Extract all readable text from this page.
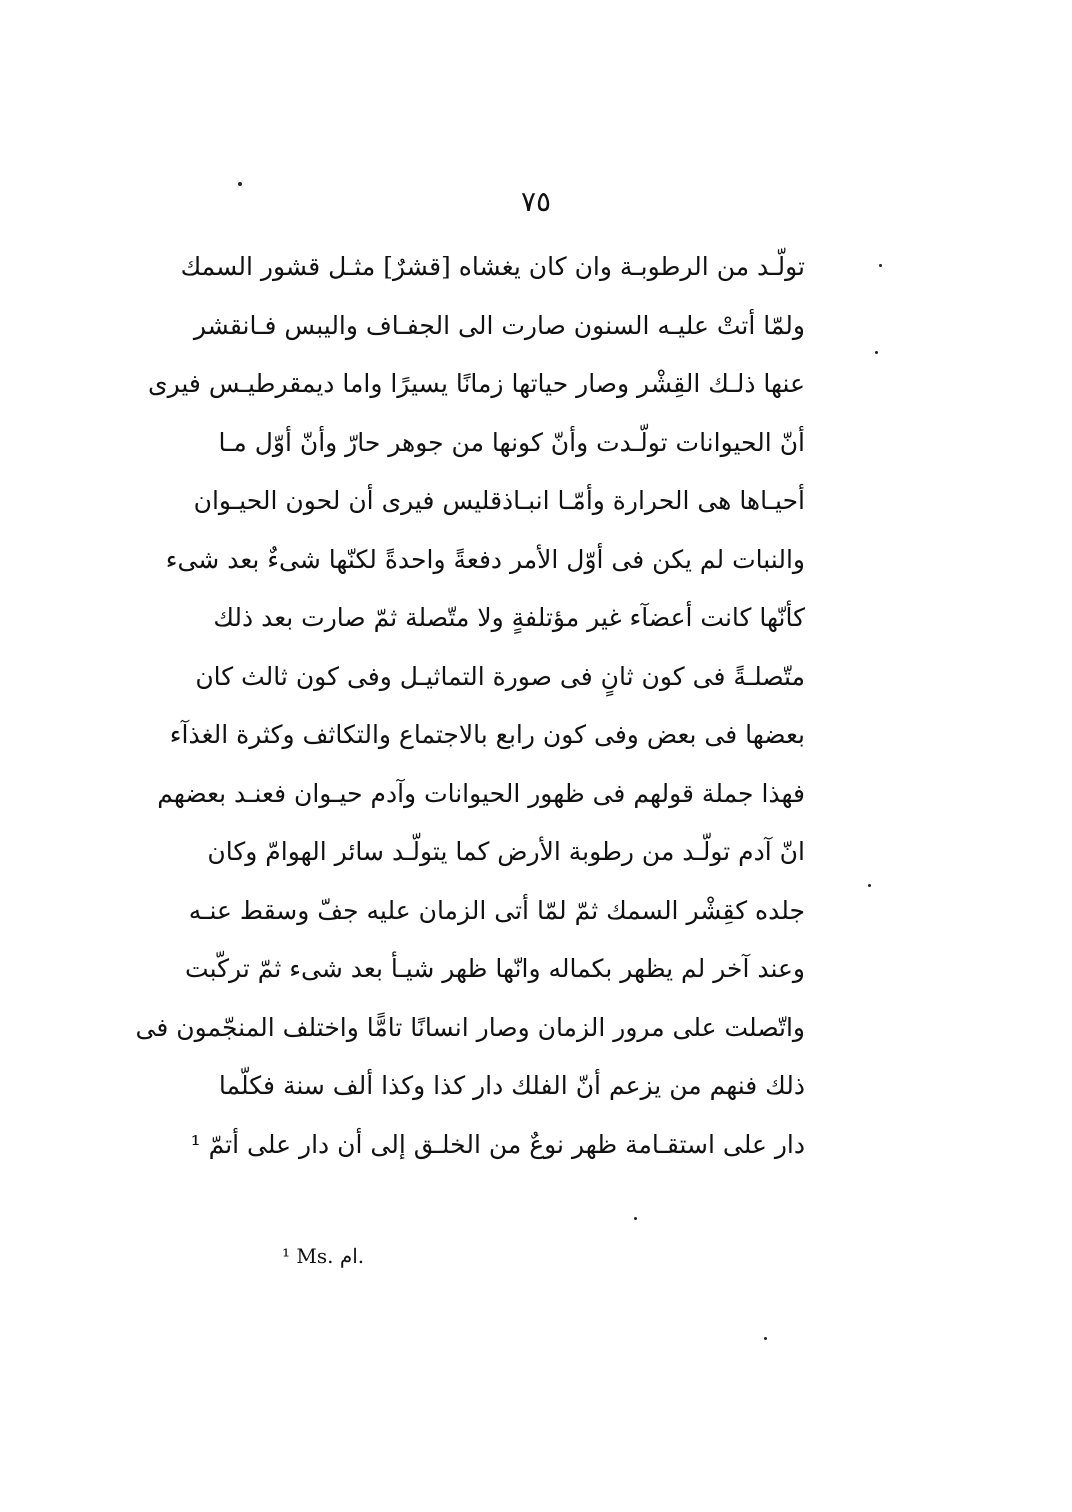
٧٥
تولّـد من الرطوبـة وان كان يغشاه [قشرٌ] مثـل قشور السمك
ولمّا أتتْ عليـه السنون صارت الى الجفـاف واليبس فـانقشر
عنها ذلـك القِشْر وصار حياتها زمانًا يسيرًا واما ديمقرطيـس فيرى
أنّ الحيوانات تولّـدت وأنّ كونها من جوهر حارّ وأنّ أوّل مـا
أحيـاها هى الحرارة وأمّـا انبـاذقليس فيرى أن لحون الحيـوان
والنبات لم يكن فى أوّل الأمر دفعةً واحدةً لكنّها شىءٌ بعد شىء
كأنّها كانت أعضآء غير مؤتلفةٍ ولا متّصلة ثمّ صارت بعد ذلك
متّصلـةً فى كون ثانٍ فى صورة التماثيـل وفى كون ثالث كان
بعضها فى بعض وفى كون رابع بالاجتماع والتكاثف وكثرة الغذآء
فهذا جملة قولهم فى ظهور الحيوانات وآدم حيـوان فعنـد بعضهم
انّ آدم تولّـد من رطوبة الأرض كما يتولّـد سائر الهوامّ وكان
جلده كقِشْر السمك ثمّ لمّا أتى الزمان عليه جفّ وسقط عنـه
وعند آخر لم يظهر بكماله وانّها ظهر شيـأ بعد شىء ثمّ تركّبت
واتّصلت على مرور الزمان وصار انسانًا تامًّا واختلف المنجّمون فى
ذلك فنهم من يزعم أنّ الفلك دار كذا وكذا ألف سنة فكلّما
دار على استقـامة ظهر نوعٌ من الخلـق إلى أن دار على أتمّ ¹
¹ Ms. ام.
